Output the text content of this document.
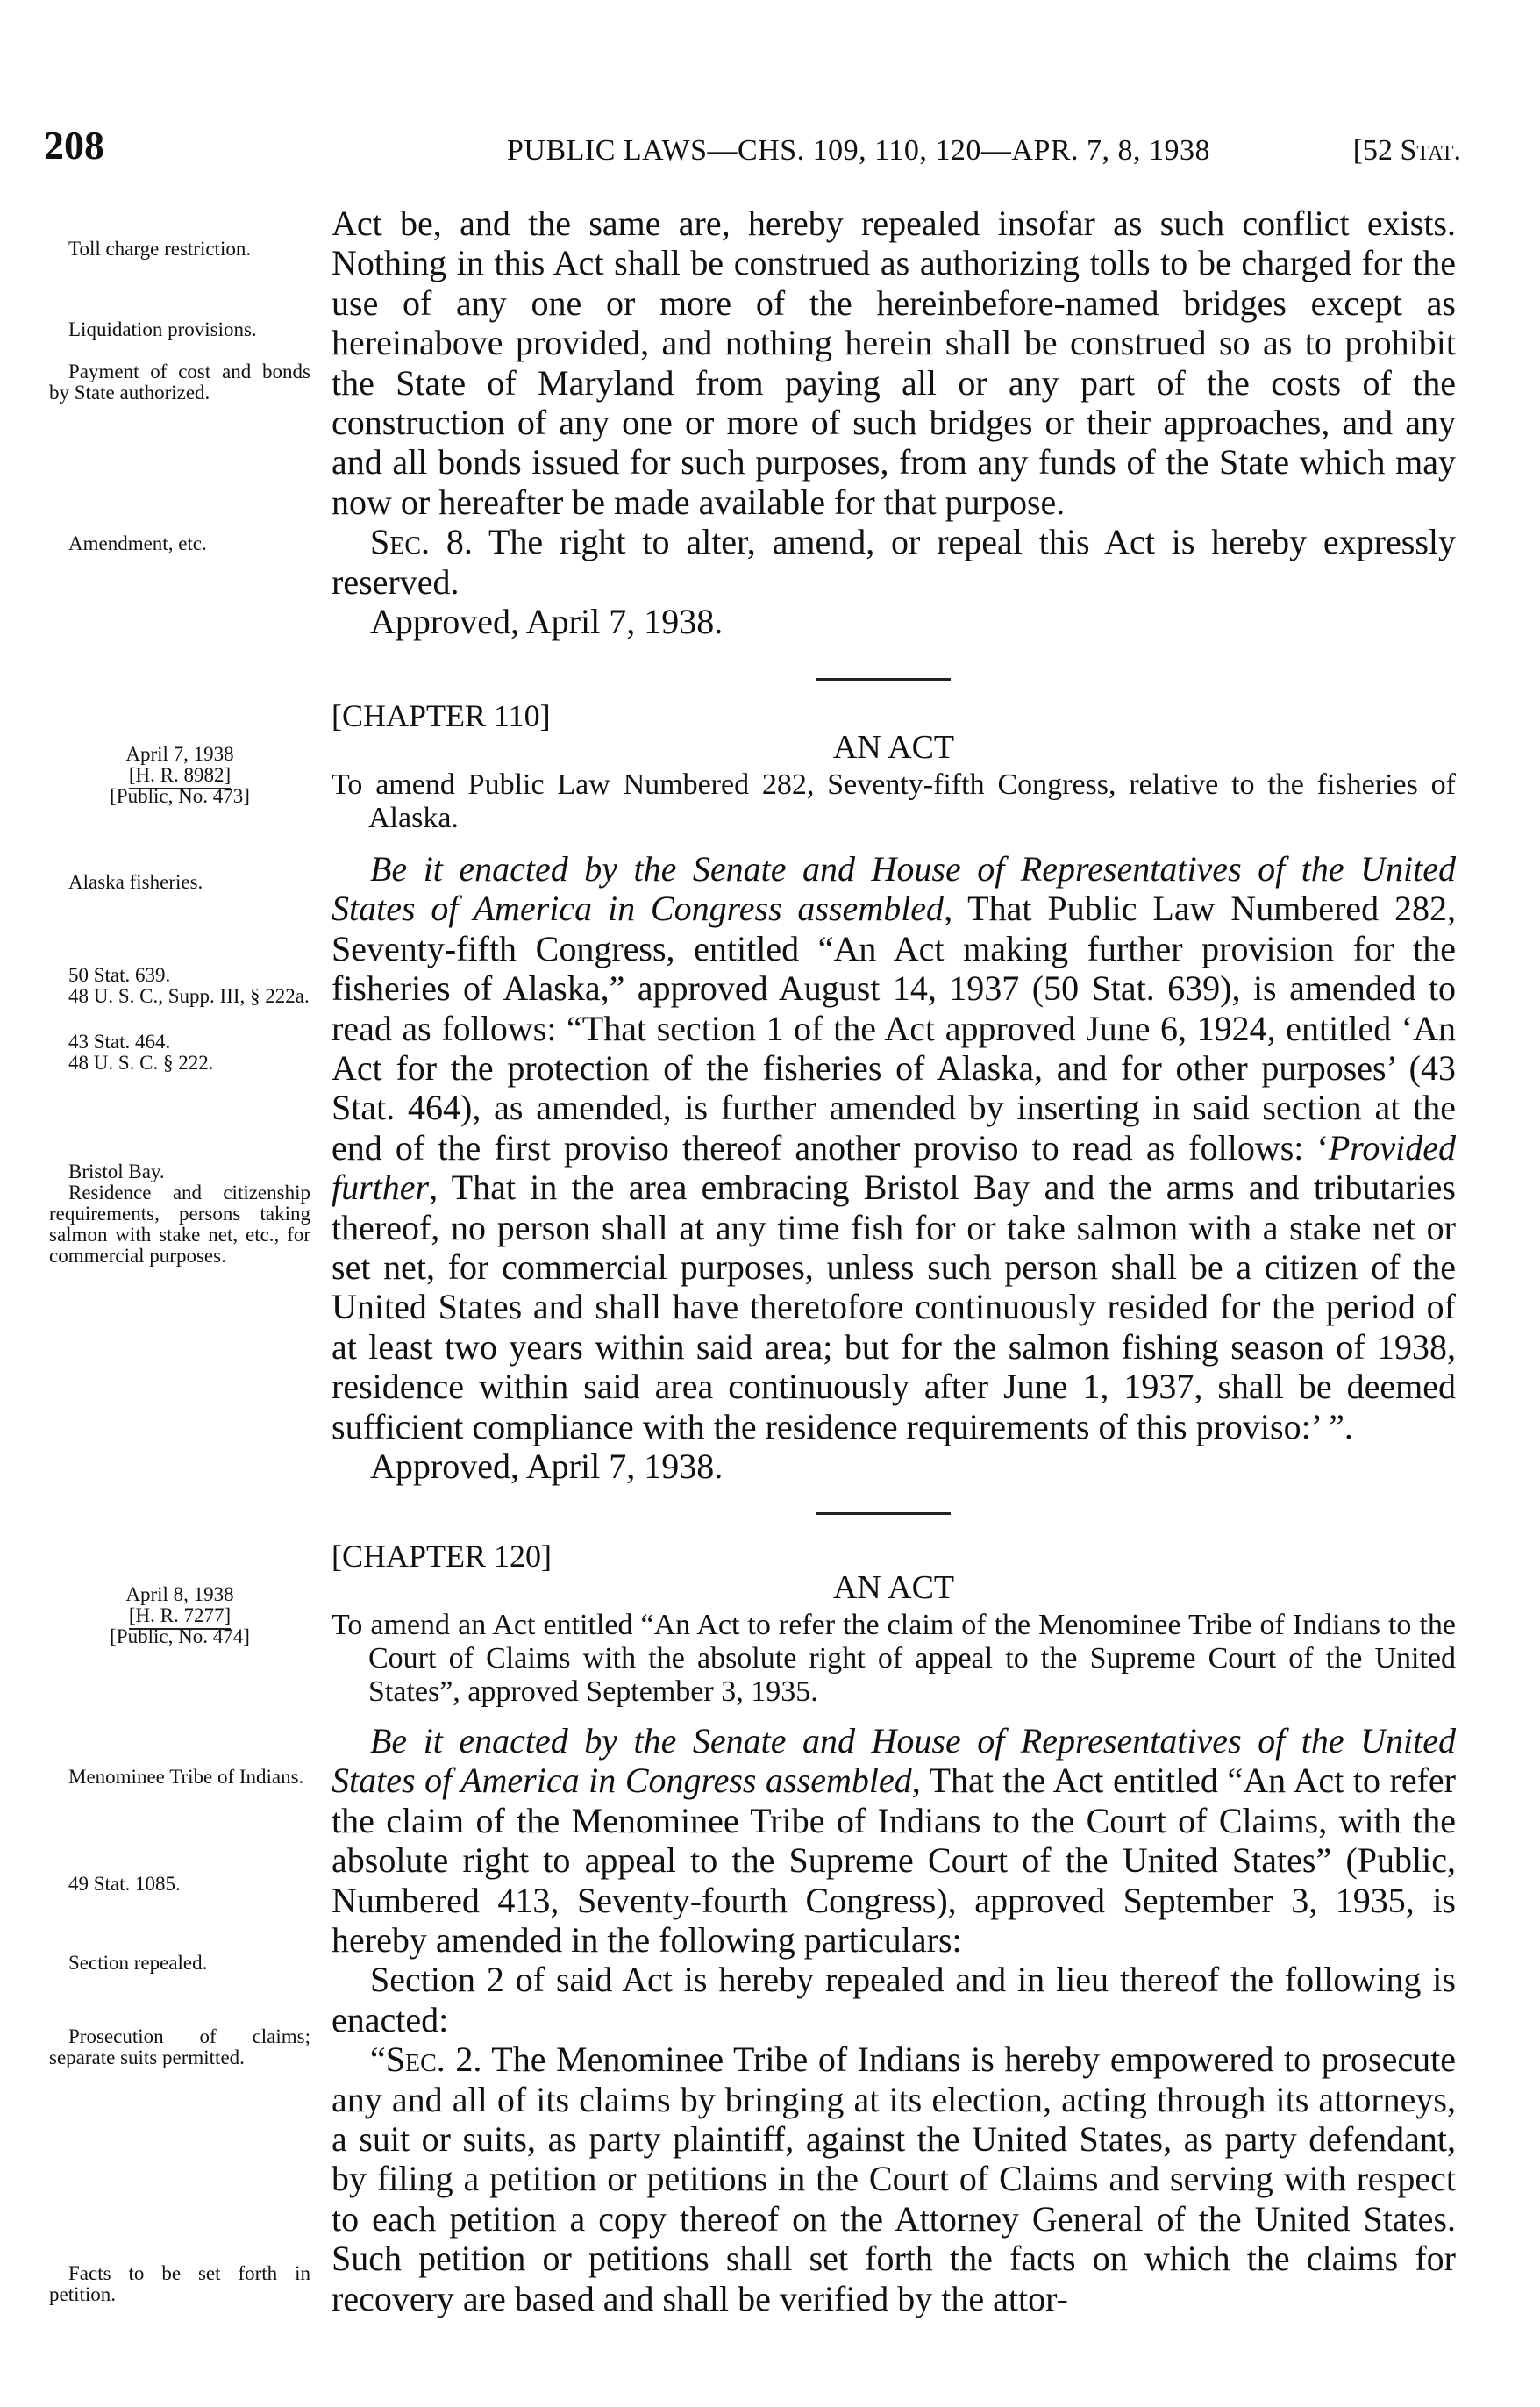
208	PUBLIC LAWS—CHS. 109, 110, 120—APR. 7, 8, 1938	[52 Stat.

Act be, and the same are, hereby repealed insofar as such conflict exists. Nothing in this Act shall be construed as authorizing tolls to be charged for the use of any one or more of the hereinbefore-named bridges except as hereinabove provided, and nothing herein shall be construed so as to prohibit the State of Maryland from paying all or any part of the costs of the construction of any one or more of such bridges or their approaches, and any and all bonds issued for such purposes, from any funds of the State which may now or hereafter be made available for that purpose.

Sec. 8. The right to alter, amend, or repeal this Act is hereby expressly reserved.

Approved, April 7, 1938.

[CHAPTER 110]

AN ACT

To amend Public Law Numbered 282, Seventy-fifth Congress, relative to the fisheries of Alaska.

Be it enacted by the Senate and House of Representatives of the United States of America in Congress assembled, That Public Law Numbered 282, Seventy-fifth Congress, entitled “An Act making further provision for the fisheries of Alaska,” approved August 14, 1937 (50 Stat. 639), is amended to read as follows: “That section 1 of the Act approved June 6, 1924, entitled ‘An Act for the protection of the fisheries of Alaska, and for other purposes’ (43 Stat. 464), as amended, is further amended by inserting in said section at the end of the first proviso thereof another proviso to read as follows: ‘Provided further, That in the area embracing Bristol Bay and the arms and tributaries thereof, no person shall at any time fish for or take salmon with a stake net or set net, for commercial purposes, unless such person shall be a citizen of the United States and shall have theretofore continuously resided for the period of at least two years within said area; but for the salmon fishing season of 1938, residence within said area continuously after June 1, 1937, shall be deemed sufficient compliance with the residence requirements of this proviso:’ ”.

Approved, April 7, 1938.

[CHAPTER 120]

AN ACT

To amend an Act entitled “An Act to refer the claim of the Menominee Tribe of Indians to the Court of Claims with the absolute right of appeal to the Supreme Court of the United States”, approved September 3, 1935.

Be it enacted by the Senate and House of Representatives of the United States of America in Congress assembled, That the Act entitled “An Act to refer the claim of the Menominee Tribe of Indians to the Court of Claims, with the absolute right to appeal to the Supreme Court of the United States” (Public, Numbered 413, Seventy-fourth Congress), approved September 3, 1935, is hereby amended in the following particulars:

Section 2 of said Act is hereby repealed and in lieu thereof the following is enacted:

“Sec. 2. The Menominee Tribe of Indians is hereby empowered to prosecute any and all of its claims by bringing at its election, acting through its attorneys, a suit or suits, as party plaintiff, against the United States, as party defendant, by filing a petition or petitions in the Court of Claims and serving with respect to each petition a copy thereof on the Attorney General of the United States. Such petition or petitions shall set forth the facts on which the claims for recovery are based and shall be verified by the attor-

Toll charge restriction.

Liquidation provisions.

Payment of cost and bonds by State authorized.

Amendment, etc.

April 7, 1938

[H. R. 8982]

[Public, No. 473]

Alaska fisheries.

50 Stat. 639.

48 U. S. C., Supp. III, § 222a.

43 Stat. 464.

48 U. S. C. § 222.

Bristol Bay.

Residence and citizenship requirements, persons taking salmon with stake net, etc., for commercial purposes.

April 8, 1938

[H. R. 7277]

[Public, No. 474]

Menominee Tribe of Indians.

49 Stat. 1085.

Section repealed.

Prosecution of claims; separate suits permitted.

Facts to be set forth in petition.
